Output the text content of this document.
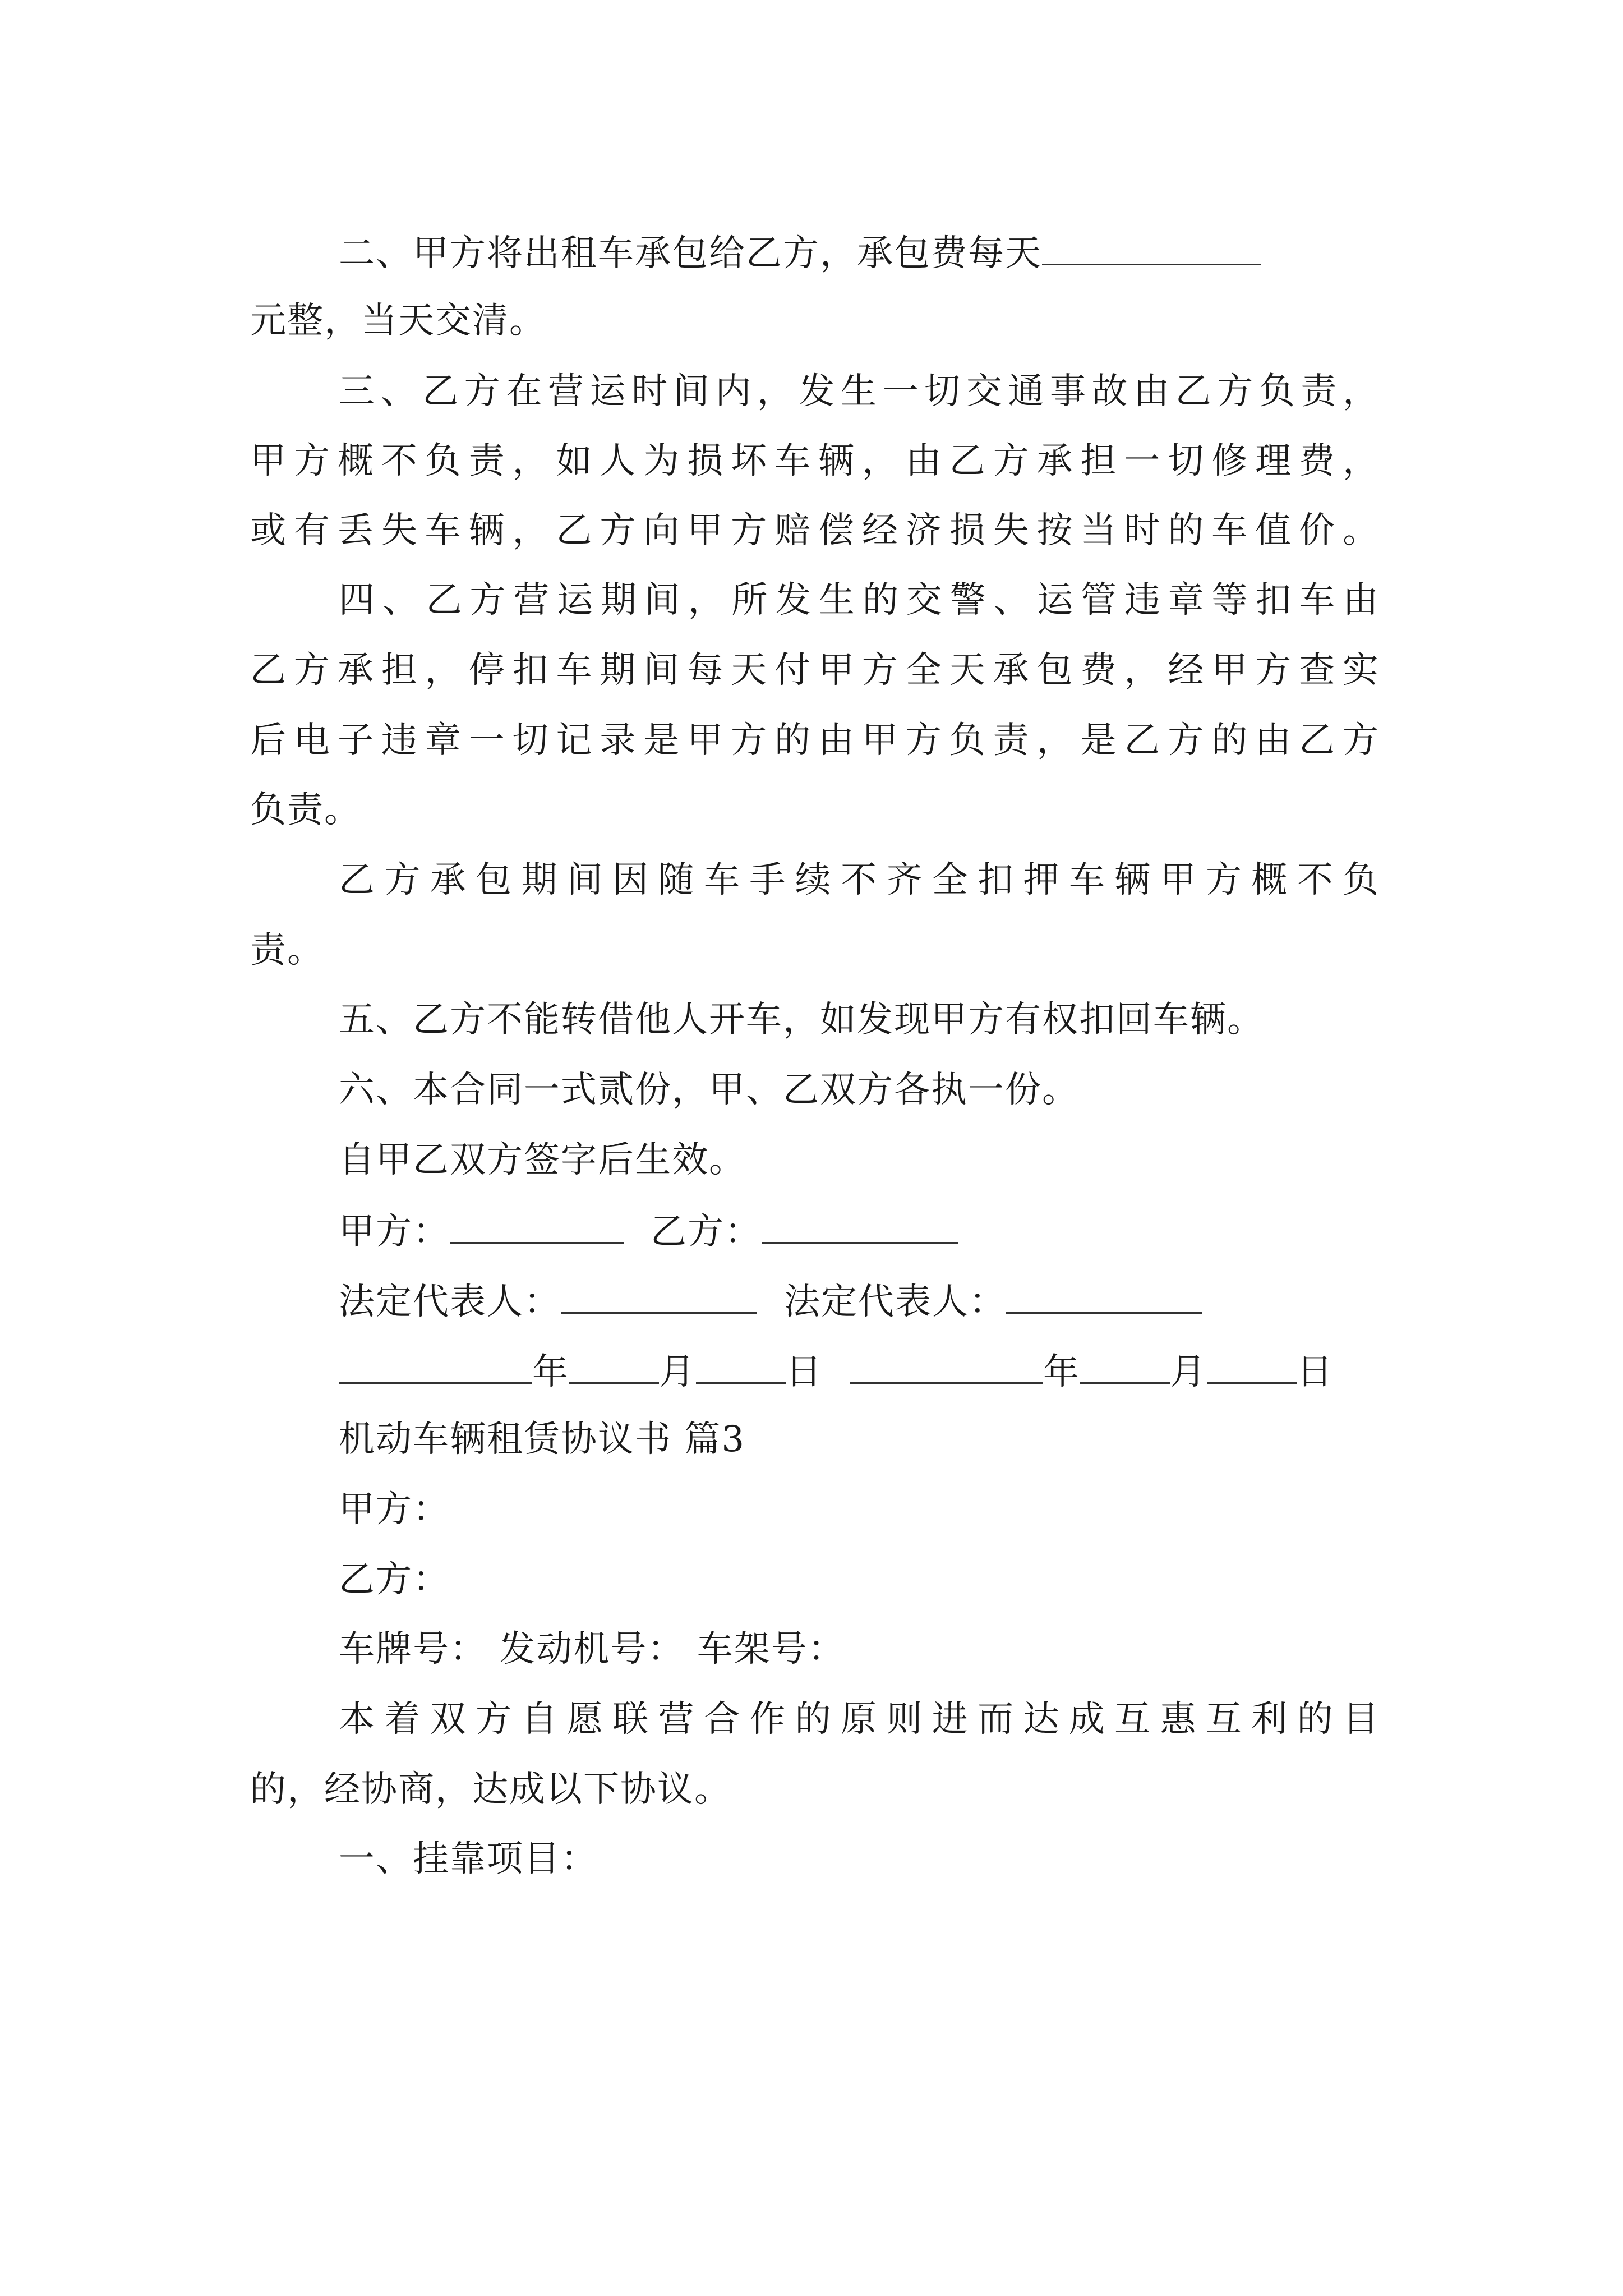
二、甲方将出租车承包给乙方，承包费每天
元整，当天交清。
三、乙方在营运时间内，发生一切交通事故由乙方负责，
甲方概不负责，如人为损坏车辆，由乙方承担一切修理费，
或有丢失车辆，乙方向甲方赔偿经济损失按当时的车值价。
四、乙方营运期间，所发生的交警、运管违章等扣车由
乙方承担，停扣车期间每天付甲方全天承包费，经甲方查实
后电子违章一切记录是甲方的由甲方负责，是乙方的由乙方
负责。
乙方承包期间因随车手续不齐全扣押车辆甲方概不负
责。
五、乙方不能转借他人开车，如发现甲方有权扣回车辆。
六、本合同一式贰份，甲、乙双方各执一份。
自甲乙双方签字后生效。
甲方：	乙方：
法定代表人：	法定代表人：
年	月	日	年	月	日
机动车辆租赁协议书 篇3
甲方：
乙方：
车牌号： 发动机号： 车架号：
本着双方自愿联营合作的原则进而达成互惠互利的目
的，经协商，达成以下协议。
一、挂靠项目：
